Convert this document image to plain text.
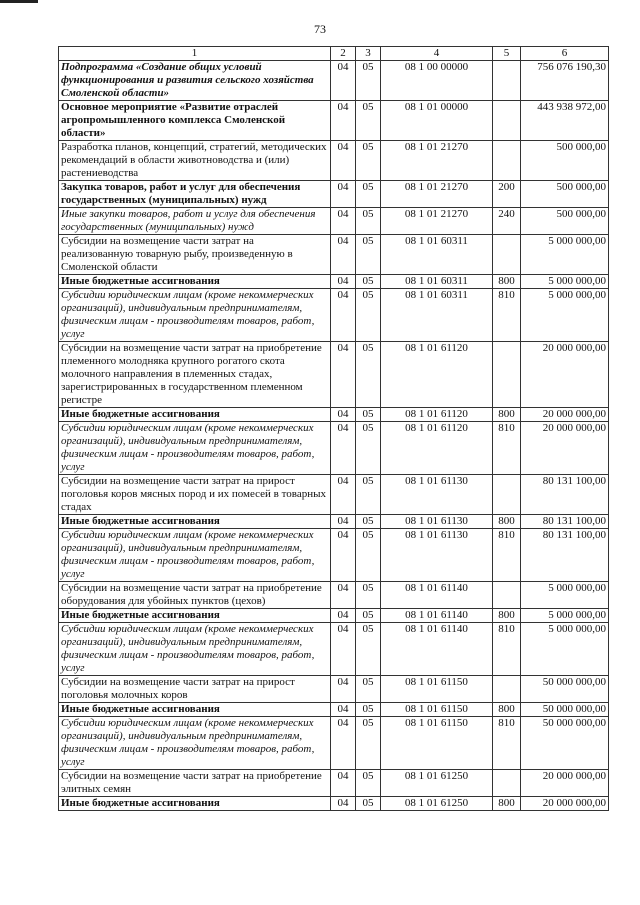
73
1	2	3	4	5	6
Подпрограмма «Создание общих условий функционирования и развития сельского хозяйства Смоленской области»	04	05	08 1 00 00000		756 076 190,30
Основное мероприятие «Развитие отраслей агропромышленного комплекса Смоленской области»	04	05	08 1 01 00000		443 938 972,00
Разработка планов, концепций, стратегий, методических рекомендаций в области животноводства и (или) растениеводства	04	05	08 1 01 21270		500 000,00
Закупка товаров, работ и услуг для обеспечения государственных (муниципальных) нужд	04	05	08 1 01 21270	200	500 000,00
Иные закупки товаров, работ и услуг для обеспечения государственных (муниципальных) нужд	04	05	08 1 01 21270	240	500 000,00
Субсидии на возмещение части затрат на реализованную товарную рыбу, произведенную в Смоленской области	04	05	08 1 01 60311		5 000 000,00
Иные бюджетные ассигнования	04	05	08 1 01 60311	800	5 000 000,00
Субсидии юридическим лицам (кроме некоммерческих организаций), индивидуальным предпринимателям, физическим лицам - производителям товаров, работ, услуг	04	05	08 1 01 60311	810	5 000 000,00
Субсидии на возмещение части затрат на приобретение племенного молодняка крупного рогатого скота молочного направления в племенных стадах, зарегистрированных в государственном племенном регистре	04	05	08 1 01 61120		20 000 000,00
Иные бюджетные ассигнования	04	05	08 1 01 61120	800	20 000 000,00
Субсидии юридическим лицам (кроме некоммерческих организаций), индивидуальным предпринимателям, физическим лицам - производителям товаров, работ, услуг	04	05	08 1 01 61120	810	20 000 000,00
Субсидии на возмещение части затрат на прирост поголовья коров мясных пород и их помесей в товарных стадах	04	05	08 1 01 61130		80 131 100,00
Иные бюджетные ассигнования	04	05	08 1 01 61130	800	80 131 100,00
Субсидии юридическим лицам (кроме некоммерческих организаций), индивидуальным предпринимателям, физическим лицам - производителям товаров, работ, услуг	04	05	08 1 01 61130	810	80 131 100,00
Субсидии на возмещение части затрат на приобретение оборудования для убойных пунктов (цехов)	04	05	08 1 01 61140		5 000 000,00
Иные бюджетные ассигнования	04	05	08 1 01 61140	800	5 000 000,00
Субсидии юридическим лицам (кроме некоммерческих организаций), индивидуальным предпринимателям, физическим лицам - производителям товаров, работ, услуг	04	05	08 1 01 61140	810	5 000 000,00
Субсидии на возмещение части затрат на прирост поголовья молочных коров	04	05	08 1 01 61150		50 000 000,00
Иные бюджетные ассигнования	04	05	08 1 01 61150	800	50 000 000,00
Субсидии юридическим лицам (кроме некоммерческих организаций), индивидуальным предпринимателям, физическим лицам - производителям товаров, работ, услуг	04	05	08 1 01 61150	810	50 000 000,00
Субсидии на возмещение части затрат на приобретение элитных семян	04	05	08 1 01 61250		20 000 000,00
Иные бюджетные ассигнования	04	05	08 1 01 61250	800	20 000 000,00
